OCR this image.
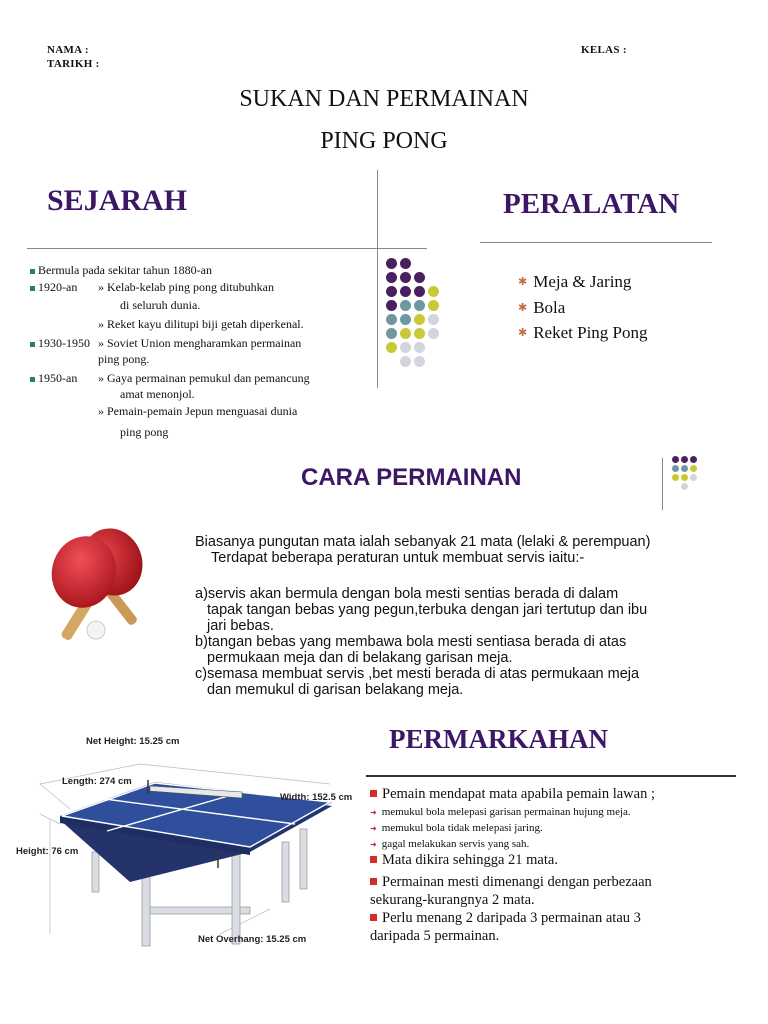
NAMA :
TARIKH :
KELAS :
SUKAN DAN PERMAINAN
PING PONG
SEJARAH
Bermula pada sekitar tahun 1880-an
1920-an » Kelab-kelab ping pong ditubuhkan
di seluruh dunia.
» Reket kayu dilitupi biji getah diperkenal.
1930-1950 » Soviet Union mengharamkan permainan
ping pong.
1950-an » Gaya permainan pemukul dan pemancung
amat menonjol.
» Pemain-pemain Jepun menguasai dunia
ping pong
PERALATAN
✱ Meja & Jaring
✱ Bola
✱ Reket Ping Pong
CARA PERMAINAN
Biasanya pungutan mata ialah sebanyak 21 mata (lelaki & perempuan)
Terdapat beberapa peraturan untuk membuat servis iaitu:-
a)servis akan bermula dengan bola mesti sentias berada di dalam
tapak tangan bebas yang pegun,terbuka dengan jari tertutup dan ibu
jari bebas.
b)tangan bebas yang membawa bola mesti sentiasa berada di atas
permukaan meja dan di belakang garisan meja.
c)semasa membuat servis ,bet mesti berada di atas permukaan meja
dan memukul di garisan belakang meja.
Net Height: 15.25 cm
Length: 274 cm
Width: 152.5 cm
Height: 76 cm
Net Overhang: 15.25 cm
PERMARKAHAN
Pemain mendapat mata apabila pemain lawan ;
➜ memukul bola melepasi garisan permainan hujung meja.
➜ memukul bola tidak melepasi jaring.
➜ gagal melakukan servis yang sah.
Mata dikira sehingga 21 mata.
Permainan mesti dimenangi dengan perbezaan
sekurang-kurangnya 2 mata.
Perlu menang 2 daripada 3 permainan atau 3
daripada 5 permainan.
